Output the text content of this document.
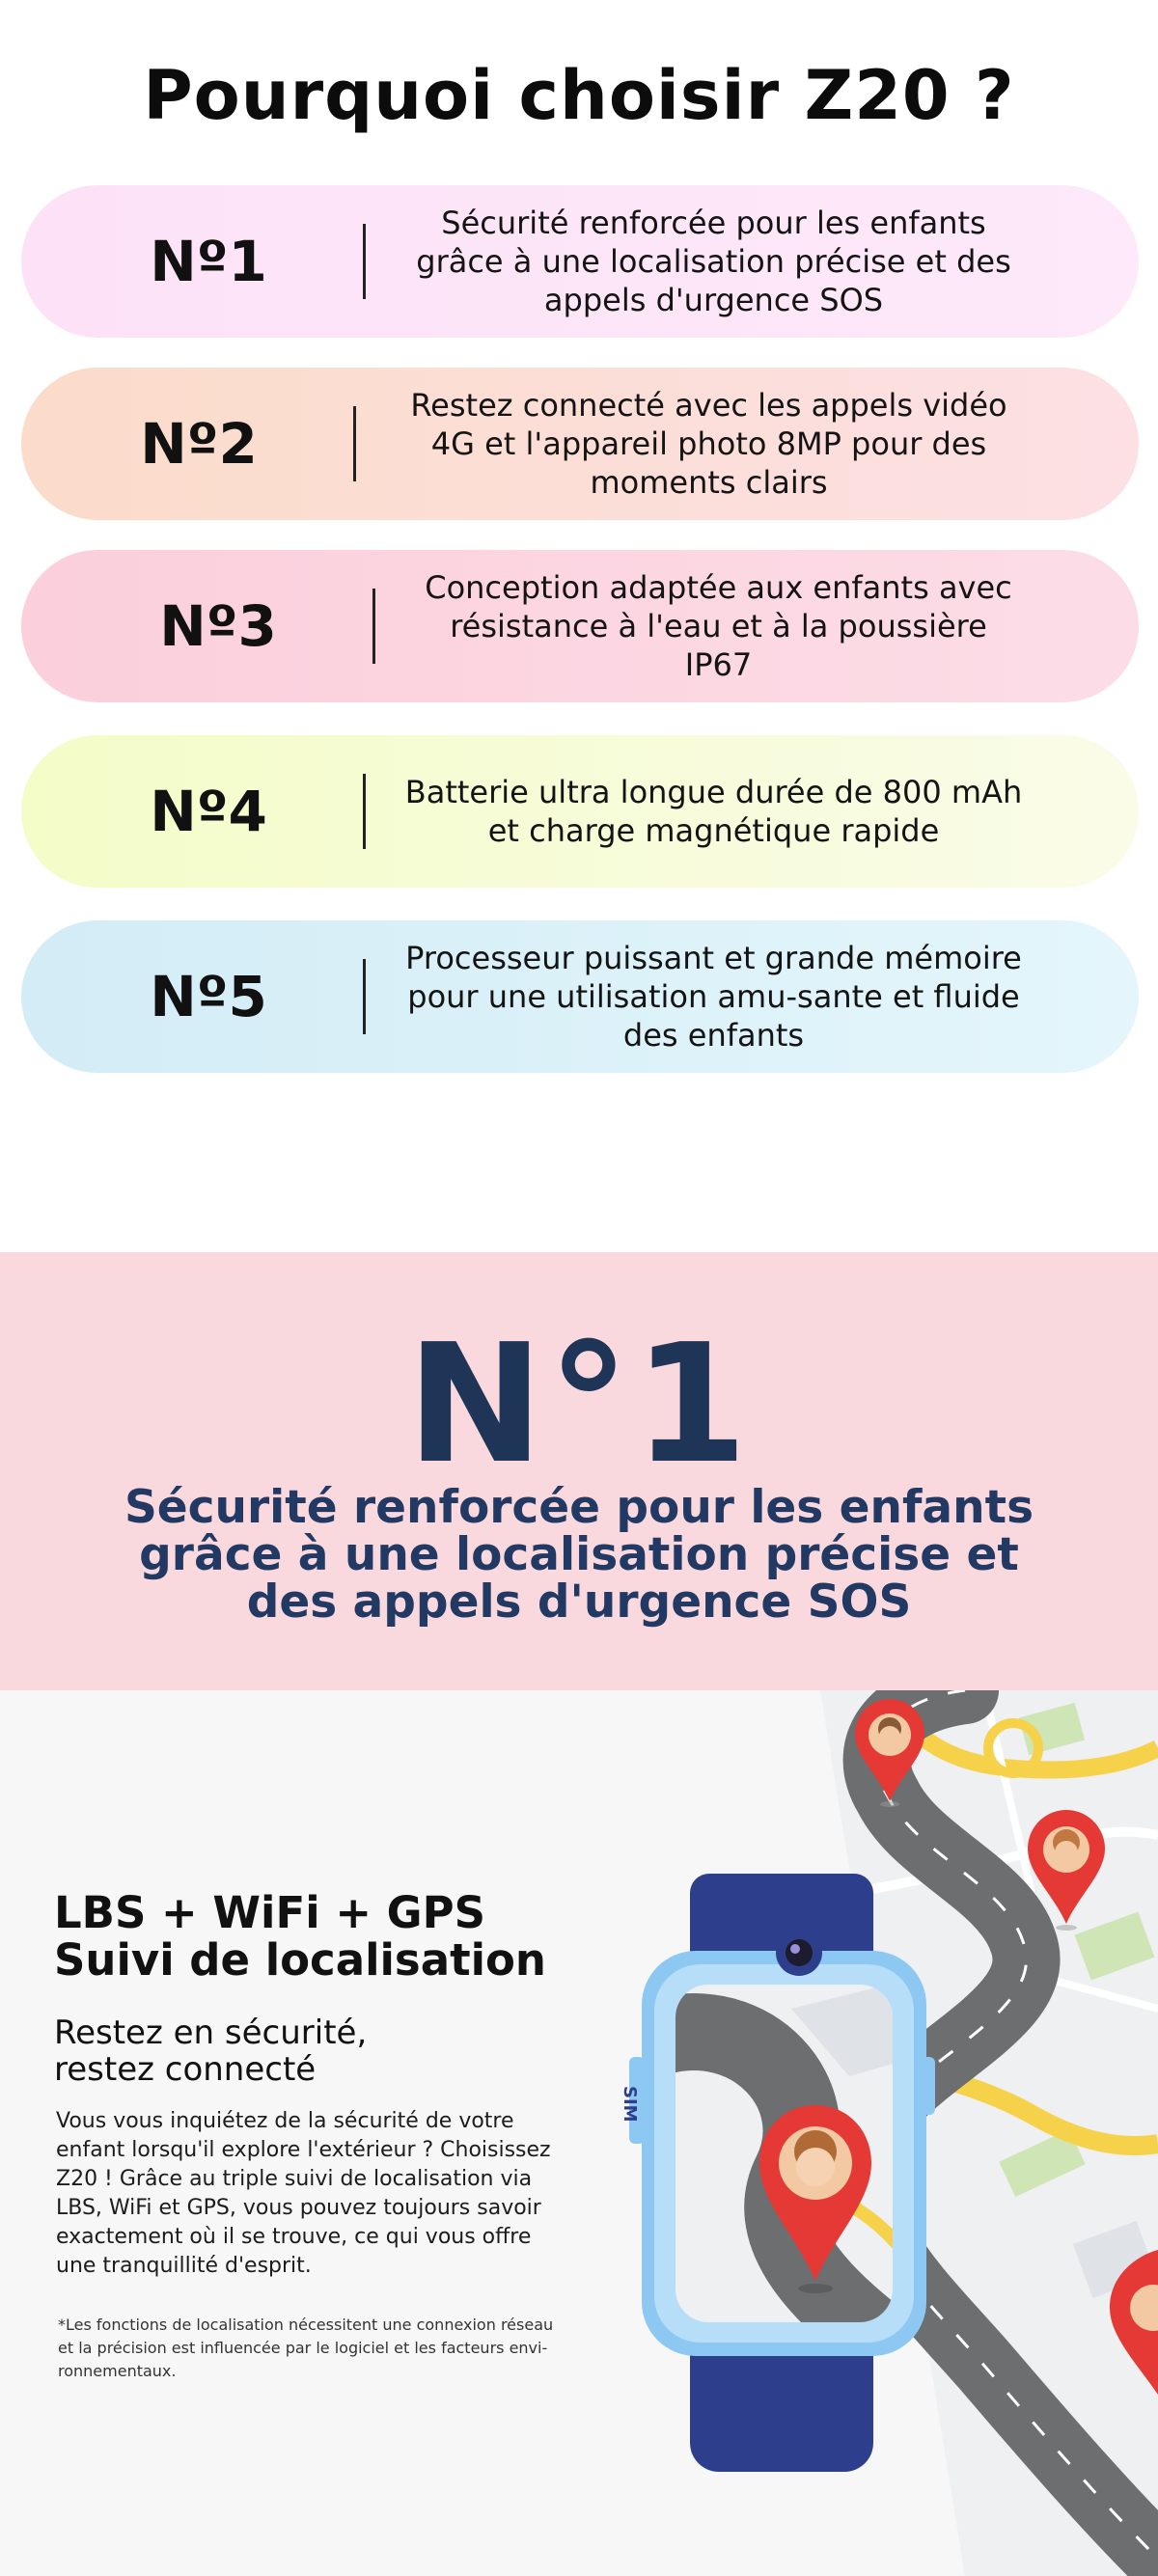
Pourquoi choisir Z20 ?
Nº1
Sécurité renforcée pour les enfants grâce à une localisation précise et des appels d'urgence SOS
Nº2
Restez connecté avec les appels vidéo 4G et l'appareil photo 8MP pour des moments clairs
Nº3
Conception adaptée aux enfants avec résistance à l'eau et à la poussière IP67
Nº4	Batterie ultra longue durée de 800 mAh et charge magnétique rapide
Nº5
Processeur puissant et grande mémoire pour une utilisation amu-sante et fluide des enfants
N°1
Sécurité renforcée pour les enfants grâce à une localisation précise et des appels d'urgence SOS
LBS + WiFi + GPS
Suivi de localisation
Restez en sécurité,
restez connecté

Vous vous inquiétez de la sécurité de votre enfant lorsqu'il explore l'extérieur ? Choisissez Z20 ! Grâce au triple suivi de localisation via LBS, WiFi et GPS, vous pouvez toujours savoir exactement où il se trouve, ce qui vous offre une tranquillité d'esprit.

*Les fonctions de localisation nécessitent une connexion réseau et la précision est influencée par le logiciel et les facteurs envi-ronnementaux.

SIM
